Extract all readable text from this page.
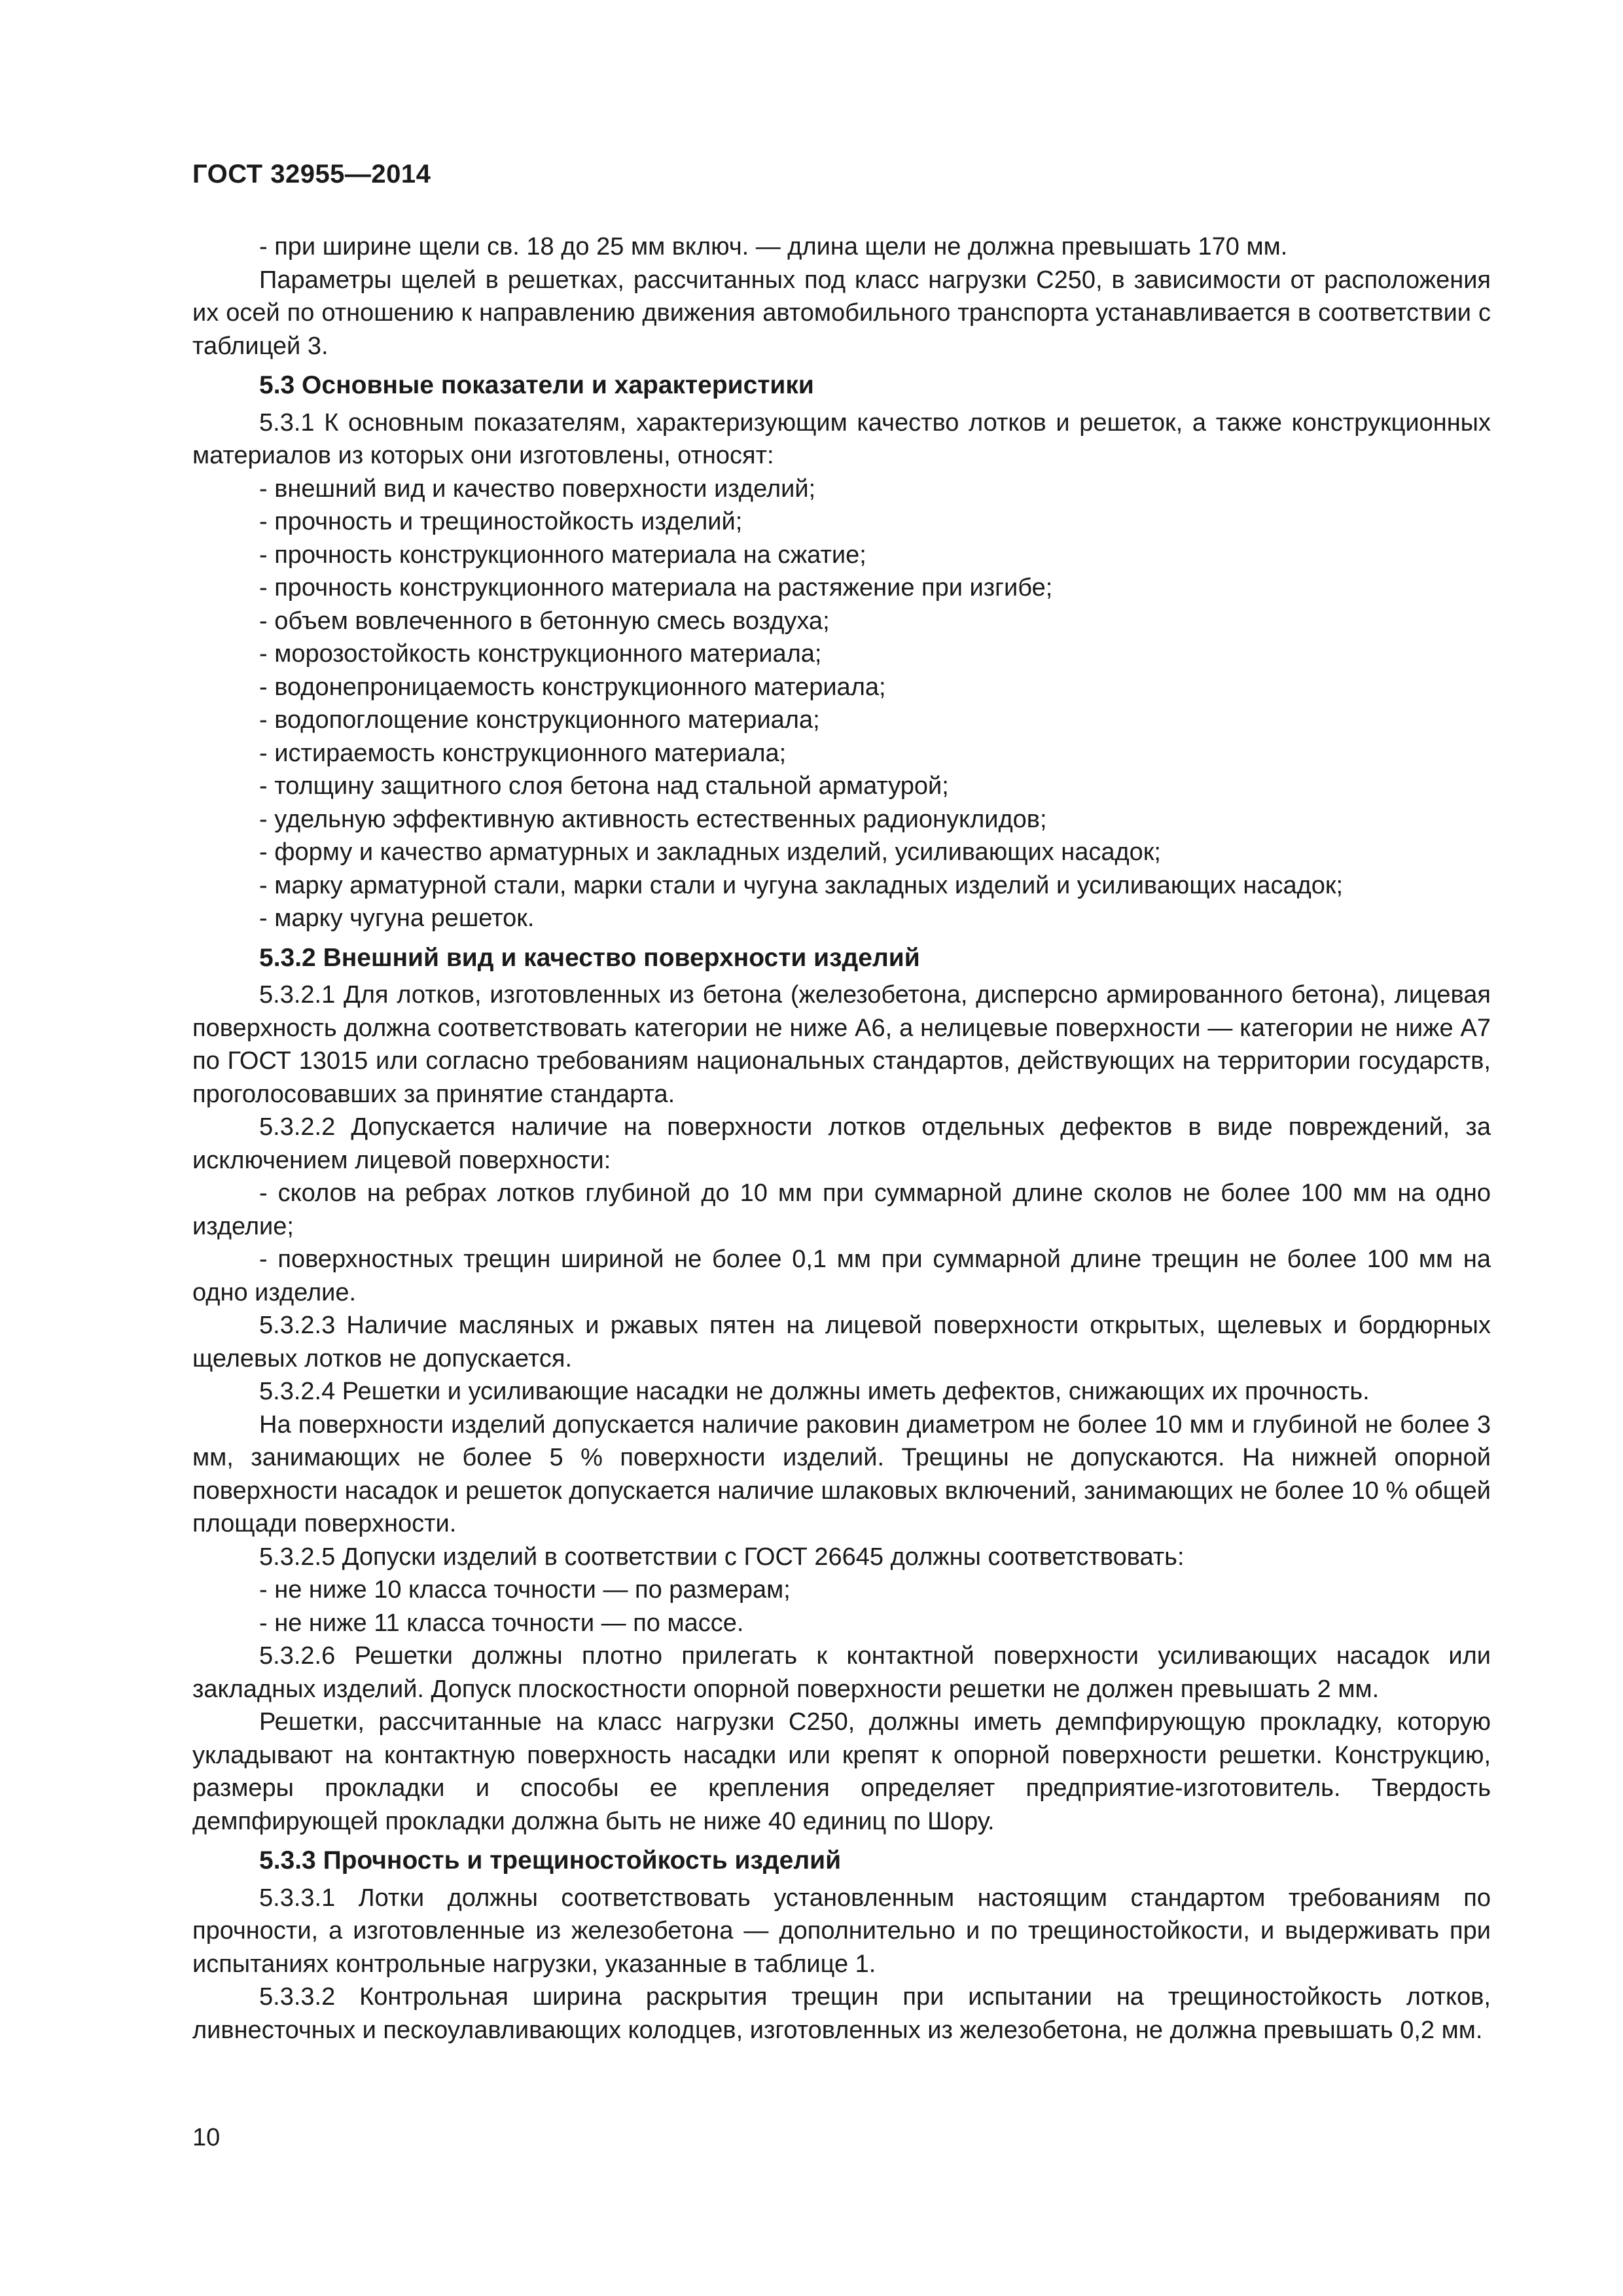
ГОСТ 32955—2014

- при ширине щели св. 18 до 25 мм включ. — длина щели не должна превышать 170 мм.

Параметры щелей в решетках, рассчитанных под класс нагрузки С250, в зависимости от расположения их осей по отношению к направлению движения автомобильного транспорта устанавливается в соответствии с таблицей 3.

5.3 Основные показатели и характеристики

5.3.1 К основным показателям, характеризующим качество лотков и решеток, а также конструкционных материалов из которых они изготовлены, относят:

- внешний вид и качество поверхности изделий;

- прочность и трещиностойкость изделий;

- прочность конструкционного материала на сжатие;

- прочность конструкционного материала на растяжение при изгибе;

- объем вовлеченного в бетонную смесь воздуха;

- морозостойкость конструкционного материала;

- водонепроницаемость конструкционного материала;

- водопоглощение конструкционного материала;

- истираемость конструкционного материала;

- толщину защитного слоя бетона над стальной арматурой;

- удельную эффективную активность естественных радионуклидов;

- форму и качество арматурных и закладных изделий, усиливающих насадок;

- марку арматурной стали, марки стали и чугуна закладных изделий и усиливающих насадок;

- марку чугуна решеток.

5.3.2 Внешний вид и качество поверхности изделий

5.3.2.1 Для лотков, изготовленных из бетона (железобетона, дисперсно армированного бетона), лицевая поверхность должна соответствовать категории не ниже А6, а нелицевые поверхности — категории не ниже А7 по ГОСТ 13015 или согласно требованиям национальных стандартов, действующих на территории государств, проголосовавших за принятие стандарта.

5.3.2.2 Допускается наличие на поверхности лотков отдельных дефектов в виде повреждений, за исключением лицевой поверхности:

- сколов на ребрах лотков глубиной до 10 мм при суммарной длине сколов не более 100 мм на одно изделие;

- поверхностных трещин шириной не более 0,1 мм при суммарной длине трещин не более 100 мм на одно изделие.

5.3.2.3 Наличие масляных и ржавых пятен на лицевой поверхности открытых, щелевых и бордюрных щелевых лотков не допускается.

5.3.2.4 Решетки и усиливающие насадки не должны иметь дефектов, снижающих их прочность.

На поверхности изделий допускается наличие раковин диаметром не более 10 мм и глубиной не более 3 мм, занимающих не более 5 % поверхности изделий. Трещины не допускаются. На нижней опорной поверхности насадок и решеток допускается наличие шлаковых включений, занимающих не более 10 % общей площади поверхности.

5.3.2.5 Допуски изделий в соответствии с ГОСТ 26645 должны соответствовать:

- не ниже 10 класса точности — по размерам;

- не ниже 11 класса точности — по массе.

5.3.2.6 Решетки должны плотно прилегать к контактной поверхности усиливающих насадок или закладных изделий. Допуск плоскостности опорной поверхности решетки не должен превышать 2 мм.

Решетки, рассчитанные на класс нагрузки С250, должны иметь демпфирующую прокладку, которую укладывают на контактную поверхность насадки или крепят к опорной поверхности решетки. Конструкцию, размеры прокладки и способы ее крепления определяет предприятие-изготовитель. Твердость демпфирующей прокладки должна быть не ниже 40 единиц по Шору.

5.3.3 Прочность и трещиностойкость изделий

5.3.3.1 Лотки должны соответствовать установленным настоящим стандартом требованиям по прочности, а изготовленные из железобетона — дополнительно и по трещиностойкости, и выдерживать при испытаниях контрольные нагрузки, указанные в таблице 1.

5.3.3.2 Контрольная ширина раскрытия трещин при испытании на трещиностойкость лотков, ливнесточных и пескоулавливающих колодцев, изготовленных из железобетона, не должна превышать 0,2 мм.

10
